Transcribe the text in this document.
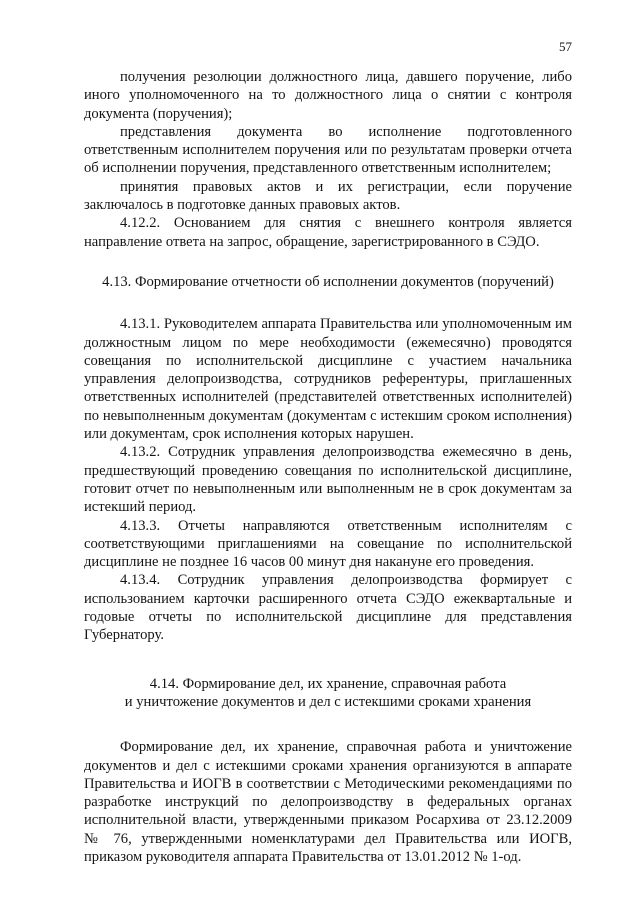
57

получения резолюции должностного лица, давшего поручение, либо иного уполномоченного на то должностного лица о снятии с контроля документа (поручения);

представления документа во исполнение подготовленного ответственным исполнителем поручения или по результатам проверки отчета об исполнении поручения, представленного ответственным исполнителем;

принятия правовых актов и их регистрации, если поручение заключалось в подготовке данных правовых актов.

4.12.2. Основанием для снятия с внешнего контроля является направление ответа на запрос, обращение, зарегистрированного в СЭДО.

4.13. Формирование отчетности об исполнении документов (поручений)

4.13.1. Руководителем аппарата Правительства или уполномоченным им должностным лицом по мере необходимости (ежемесячно) проводятся совещания по исполнительской дисциплине с участием начальника управления делопроизводства, сотрудников референтуры, приглашенных ответственных исполнителей (представителей ответственных исполнителей) по невыполненным документам (документам с истекшим сроком исполнения) или документам, срок исполнения которых нарушен.

4.13.2. Сотрудник управления делопроизводства ежемесячно в день, предшествующий проведению совещания по исполнительской дисциплине, готовит отчет по невыполненным или выполненным не в срок документам за истекший период.

4.13.3. Отчеты направляются ответственным исполнителям с соответствующими приглашениями на совещание по исполнительской дисциплине не позднее 16 часов 00 минут дня накануне его проведения.

4.13.4. Сотрудник управления делопроизводства формирует с использованием карточки расширенного отчета СЭДО ежеквартальные и годовые отчеты по исполнительской дисциплине для представления Губернатору.

4.14. Формирование дел, их хранение, справочная работа

и уничтожение документов и дел с истекшими сроками хранения

Формирование дел, их хранение, справочная работа и уничтожение документов и дел с истекшими сроками хранения организуются в аппарате Правительства и ИОГВ в соответствии с Методическими рекомендациями по разработке инструкций по делопроизводству в федеральных органах исполнительной власти, утвержденными приказом Росархива от 23.12.2009 № 76, утвержденными номенклатурами дел Правительства или ИОГВ, приказом руководителя аппарата Правительства от 13.01.2012 № 1-од.
